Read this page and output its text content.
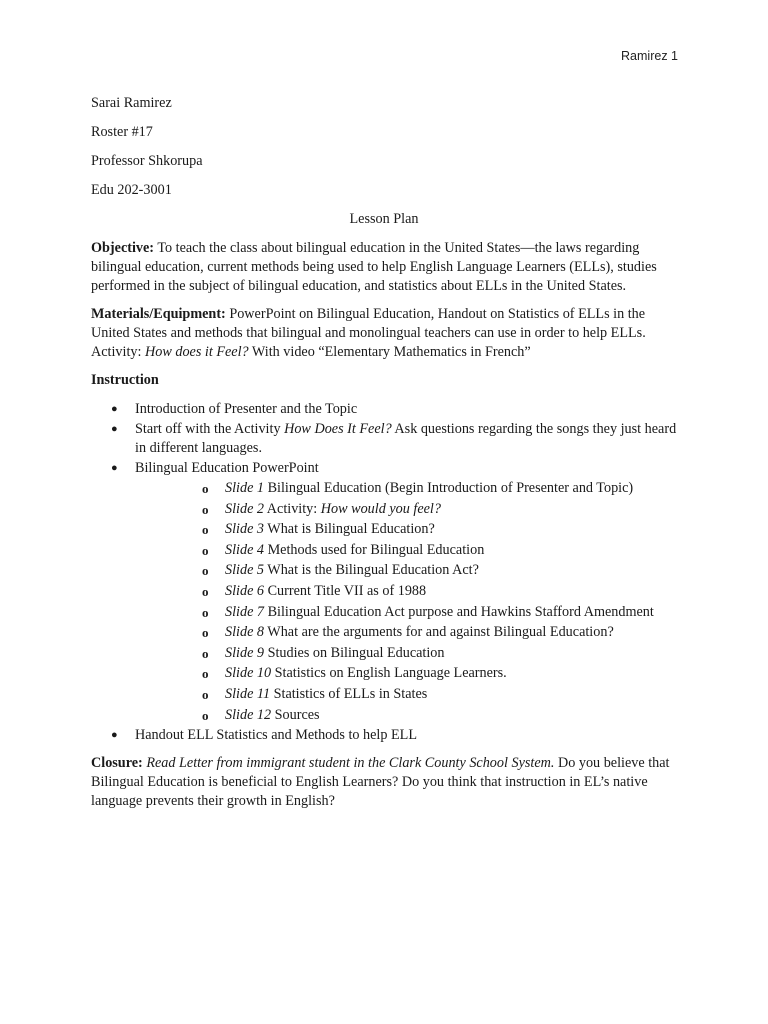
Ramirez 1
Sarai Ramirez
Roster #17
Professor Shkorupa
Edu 202-3001
Lesson Plan

Objective: To teach the class about bilingual education in the United States—the laws regarding bilingual education, current methods being used to help English Language Learners (ELLs), studies performed in the subject of bilingual education, and statistics about ELLs in the United States.

Materials/Equipment: PowerPoint on Bilingual Education, Handout on Statistics of ELLs in the United States and methods that bilingual and monolingual teachers can use in order to help ELLs. Activity: How does it Feel? With video “Elementary Mathematics in French”

Instruction

● Introduction of Presenter and the Topic
● Start off with the Activity How Does It Feel? Ask questions regarding the songs they just heard in different languages.
● Bilingual Education PowerPoint
o Slide 1 Bilingual Education (Begin Introduction of Presenter and Topic)
o Slide 2 Activity: How would you feel?
o Slide 3 What is Bilingual Education?
o Slide 4 Methods used for Bilingual Education
o Slide 5 What is the Bilingual Education Act?
o Slide 6 Current Title VII as of 1988
o Slide 7 Bilingual Education Act purpose and Hawkins Stafford Amendment
o Slide 8 What are the arguments for and against Bilingual Education?
o Slide 9 Studies on Bilingual Education
o Slide 10 Statistics on English Language Learners.
o Slide 11 Statistics of ELLs in States
o Slide 12 Sources
● Handout ELL Statistics and Methods to help ELL

Closure: Read Letter from immigrant student in the Clark County School System. Do you believe that Bilingual Education is beneficial to English Learners? Do you think that instruction in EL’s native language prevents their growth in English?
